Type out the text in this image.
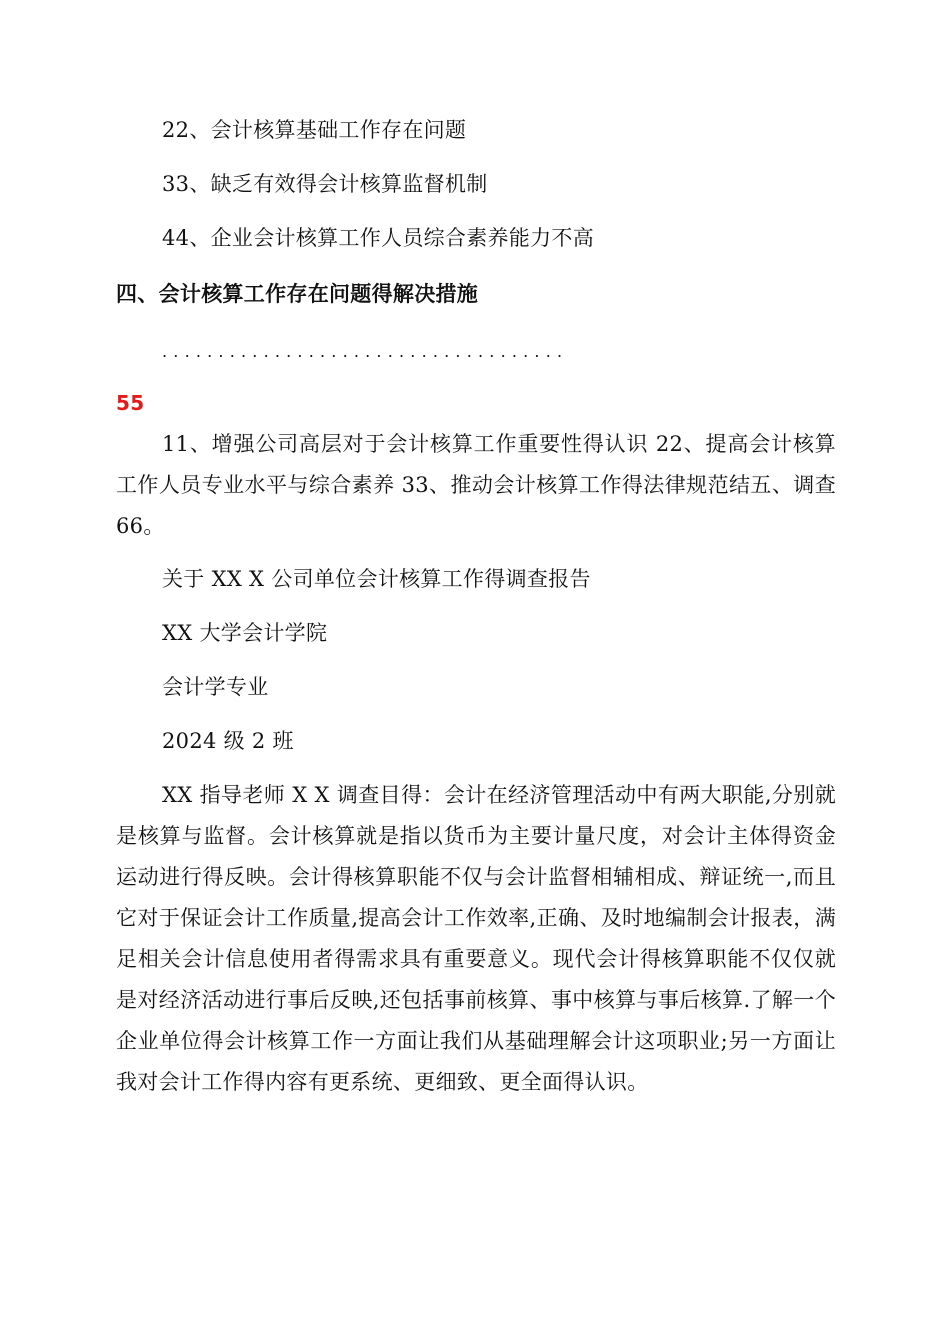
22、会计核算基础工作存在问题
33、缺乏有效得会计核算监督机制
44、企业会计核算工作人员综合素养能力不高
四、会计核算工作存在问题得解决措施
....................................
55
11、增强公司高层对于会计核算工作重要性得认识 22、提高会计核算工作人员专业水平与综合素养 33、推动会计核算工作得法律规范结五、调查 66。
关于 XX X 公司单位会计核算工作得调查报告
XX 大学会计学院
会计学专业
2024 级 2 班
XX 指导老师 X X 调查目得：会计在经济管理活动中有两大职能,分别就是核算与监督。会计核算就是指以货币为主要计量尺度，对会计主体得资金运动进行得反映。会计得核算职能不仅与会计监督相辅相成、辩证统一,而且它对于保证会计工作质量,提高会计工作效率,正确、及时地编制会计报表，满足相关会计信息使用者得需求具有重要意义。现代会计得核算职能不仅仅就是对经济活动进行事后反映,还包括事前核算、事中核算与事后核算.了解一个企业单位得会计核算工作一方面让我们从基础理解会计这项职业;另一方面让我对会计工作得内容有更系统、更细致、更全面得认识。
